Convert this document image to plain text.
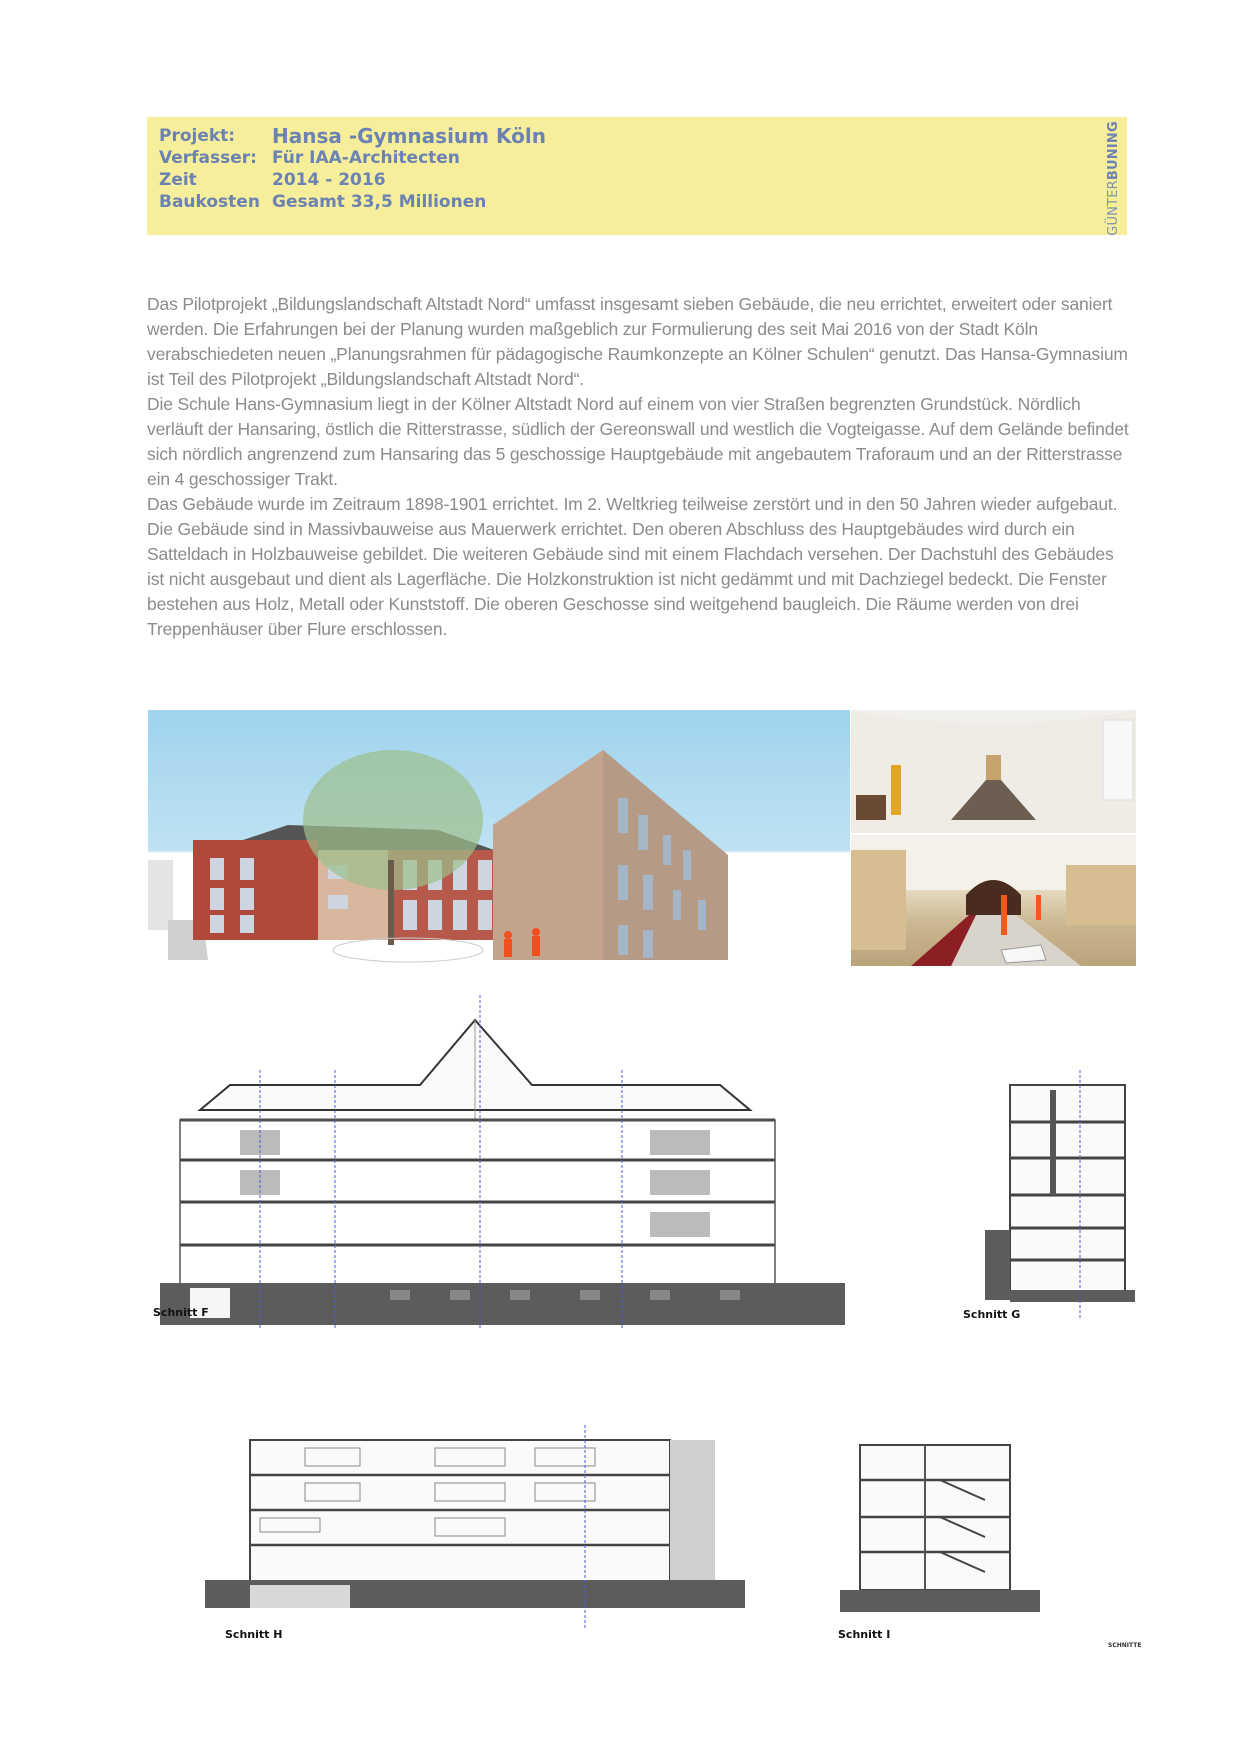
Projekt:	Hansa -Gymnasium Köln
Verfasser: Für IAA-Architecten
Zeit	2014 - 2016
Baukosten Gesamt 33,5 Millionen	GÜNTERBUNING

Das Pilotprojekt „Bildungslandschaft Altstadt Nord“ umfasst insgesamt sieben Gebäude, die neu errichtet, erweitert oder saniert werden. Die Erfahrungen bei der Planung wurden maßgeblich zur Formulierung des seit Mai 2016 von der Stadt Köln verabschiedeten neuen „Planungsrahmen für pädagogische Raumkonzepte an Kölner Schulen“ genutzt. Das Hansa-Gymnasium ist Teil des Pilotprojekt „Bildungslandschaft Altstadt Nord“.

Die Schule Hans-Gymnasium liegt in der Kölner Altstadt Nord auf einem von vier Straßen begrenzten Grundstück. Nördlich verläuft der Hansaring, östlich die Ritterstrasse, südlich der Gereonswall und westlich die Vogteigasse. Auf dem Gelände befindet sich nördlich angrenzend zum Hansaring das 5 geschossige Hauptgebäude mit angebautem Traforaum und an der Ritterstrasse ein 4 geschossiger Trakt.

Das Gebäude wurde im Zeitraum 1898-1901 errichtet. Im 2. Weltkrieg teilweise zerstört und in den 50 Jahren wieder aufgebaut. Die Gebäude sind in Massivbauweise aus Mauerwerk errichtet. Den oberen Abschluss des Hauptgebäudes wird durch ein Satteldach in Holzbauweise gebildet. Die weiteren Gebäude sind mit einem Flachdach versehen. Der Dachstuhl des Gebäudes ist nicht ausgebaut und dient als Lagerfläche. Die Holzkonstruktion ist nicht gedämmt und mit Dachziegel bedeckt. Die Fenster bestehen aus Holz, Metall oder Kunststoff. Die oberen Geschosse sind weitgehend baugleich. Die Räume werden von drei Treppenhäuser über Flure erschlossen.

Schnitt F	Schnitt G
Schnitt H	Schnitt I
SCHNITTE
